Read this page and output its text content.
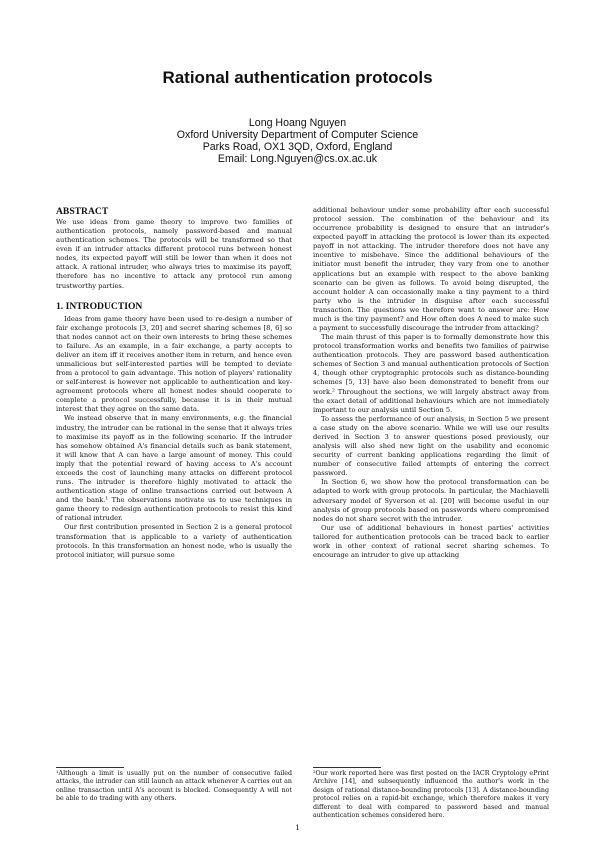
Rational authentication protocols
Long Hoang Nguyen
Oxford University Department of Computer Science
Parks Road, OX1 3QD, Oxford, England
Email: Long.Nguyen@cs.ox.ac.uk
ABSTRACT

We use ideas from game theory to improve two families of authentication protocols, namely password-based and manual authentication schemes. The protocols will be transformed so that even if an intruder attacks different protocol runs between honest nodes, its expected payoff will still be lower than when it does not attack. A rational intruder, who always tries to maximise its payoff, therefore has no incentive to attack any protocol run among trustworthy parties.

1. INTRODUCTION

Ideas from game theory have been used to re-design a number of fair exchange protocols [3, 20] and secret sharing schemes [8, 6] so that nodes cannot act on their own interests to bring these schemes to failure. As an example, in a fair exchange, a party accepts to deliver an item iff it receives another item in return, and hence even unmalicious but self-interested parties will be tempted to deviate from a protocol to gain advantage. This notion of players' rationality or self-interest is however not applicable to authentication and key-agreement protocols where all honest nodes should cooperate to complete a protocol successfully, because it is in their mutual interest that they agree on the same data.

We instead observe that in many environments, e.g. the financial industry, the intruder can be rational in the sense that it always tries to maximise its payoff as in the following scenario. If the intruder has somehow obtained A's financial details such as bank statement, it will know that A can have a large amount of money. This could imply that the potential reward of having access to A's account exceeds the cost of launching many attacks on different protocol runs. The intruder is therefore highly motivated to attack the authentication stage of online transactions carried out between A and the bank.¹ The observations motivate us to use techniques in game theory to redesign authentication protocols to resist this kind of rational intruder.

Our first contribution presented in Section 2 is a general protocol transformation that is applicable to a variety of authentication protocols. In this transformation an honest node, who is usually the protocol initiator, will pursue some

¹Although a limit is usually put on the number of consecutive failed attacks, the intruder can still launch an attack whenever A carries out an online transaction until A's account is blocked. Consequently A will not be able to do trading with any others.

additional behaviour under some probability after each successful protocol session. The combination of the behaviour and its occurrence probability is designed to ensure that an intruder's expected payoff in attacking the protocol is lower than its expected payoff in not attacking. The intruder therefore does not have any incentive to misbehave. Since the additional behaviours of the initiator must benefit the intruder, they vary from one to another applications but an example with respect to the above banking scenario can be given as follows. To avoid being disrupted, the account holder A can occasionally make a tiny payment to a third party who is the intruder in disguise after each successful transaction. The questions we therefore want to answer are: How much is the tiny payment? and How often does A need to make such a payment to successfully discourage the intruder from attacking?

The main thrust of this paper is to formally demonstrate how this protocol transformation works and benefits two families of pairwise authentication protocols. They are password based authentication schemes of Section 3 and manual authentication protocols of Section 4, though other cryptographic protocols such as distance-bounding schemes [5, 13] have also been demonstrated to benefit from our work.² Throughout the sections, we will largely abstract away from the exact detail of additional behaviours which are not immediately important to our analysis until Section 5.

To assess the performance of our analysis, in Section 5 we present a case study on the above scenario. While we will use our results derived in Section 3 to answer questions posed previously, our analysis will also shed new light on the usability and economic security of current banking applications regarding the limit of number of consecutive failed attempts of entering the correct password.

In Section 6, we show how the protocol transformation can be adapted to work with group protocols. In particular, the Machiavelli adversary model of Syverson et al. [20] will become useful in our analysis of group protocols based on passwords where compromised nodes do not share secret with the intruder.

Our use of additional behaviours in honest parties' activities tailored for authentication protocols can be traced back to earlier work in other context of rational secret sharing schemes. To encourage an intruder to give up attacking

²Our work reported here was first posted on the IACR Cryptology ePrint Archive [14], and subsequently influenced the author's work in the design of rational distance-bounding protocols [13]. A distance-bounding protocol relies on a rapid-bit exchange, which therefore makes it very different to deal with compared to password based and manual authentication schemes considered here.
1
